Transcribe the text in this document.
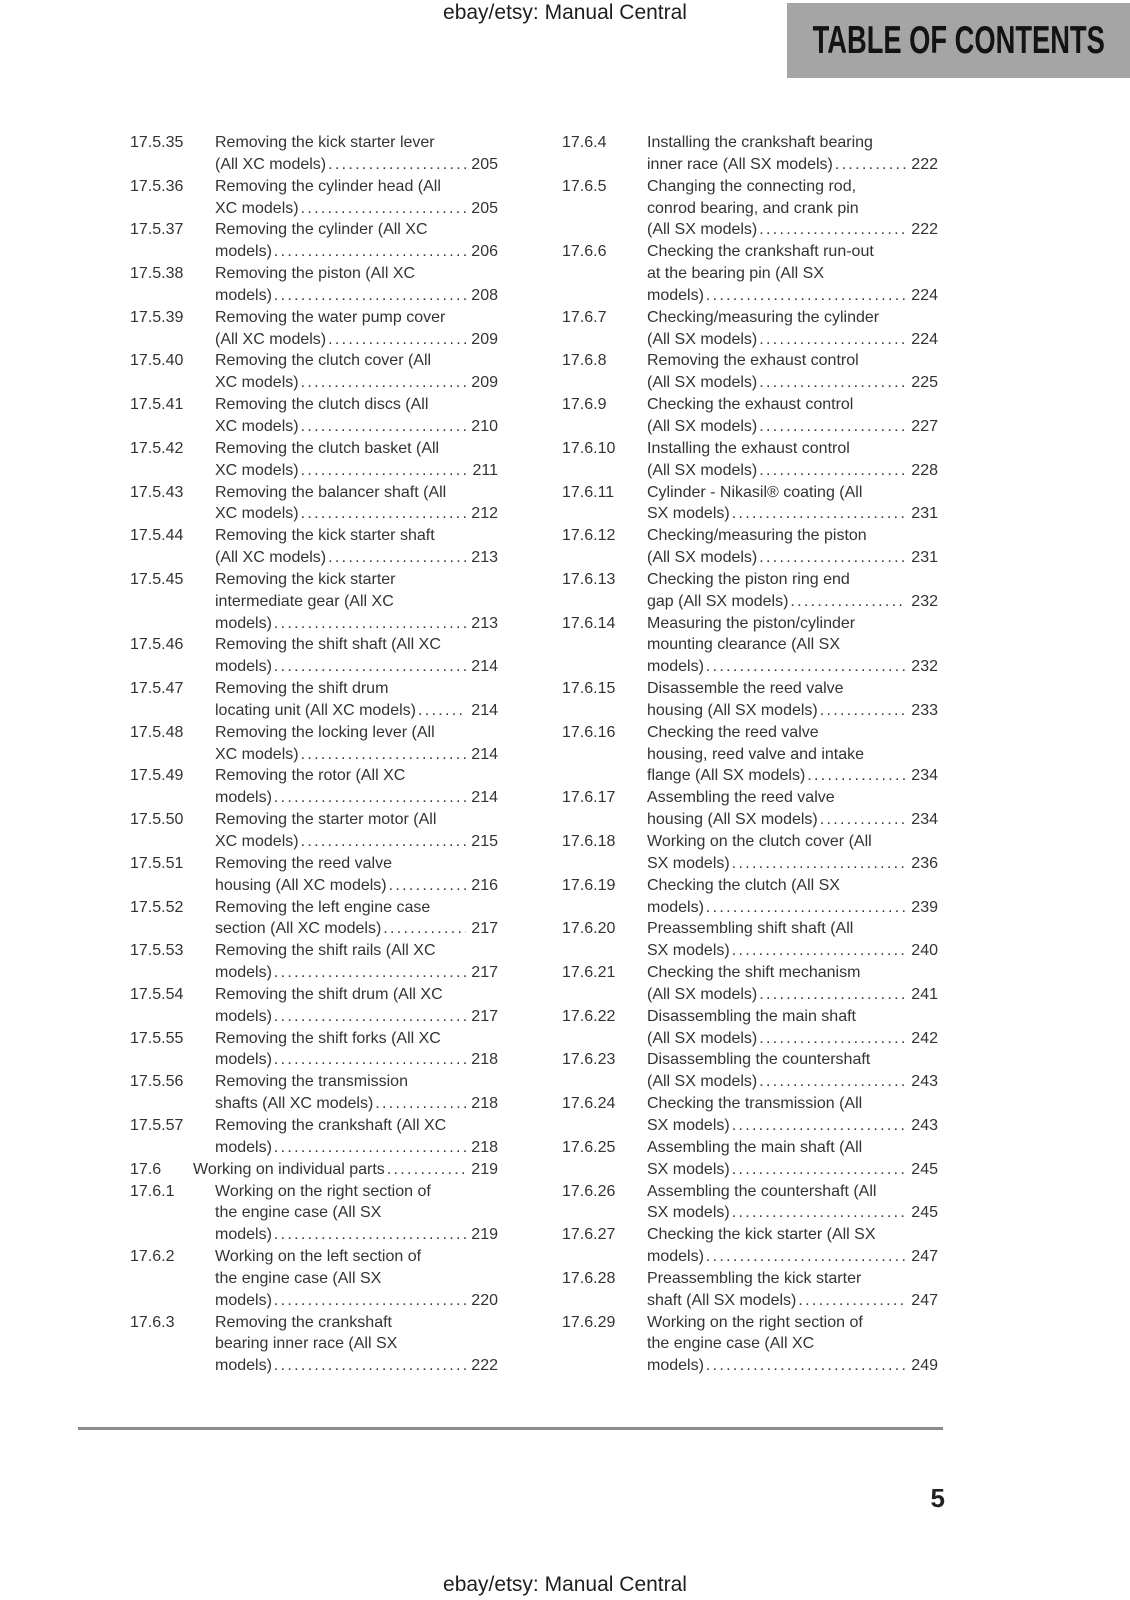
ebay/etsy: Manual Central
TABLE OF CONTENTS
17.5.35	Removing the kick starter lever
(All XC models) .....	205
17.5.36	Removing the cylinder head (All
XC models) .....	205
17.5.37	Removing the cylinder (All XC
models) .....	206
17.5.38	Removing the piston (All XC
models) .....	208
17.5.39	Removing the water pump cover
(All XC models) .....	209
17.5.40	Removing the clutch cover (All
XC models) .....	209
17.5.41	Removing the clutch discs (All
XC models) .....	210
17.5.42	Removing the clutch basket (All
XC models) .....	211
17.5.43	Removing the balancer shaft (All
XC models) .....	212
17.5.44	Removing the kick starter shaft
(All XC models) .....	213
17.5.45	Removing the kick starter
intermediate gear (All XC
models) .....	213
17.5.46	Removing the shift shaft (All XC
models) .....	214
17.5.47	Removing the shift drum
locating unit (All XC models) .....	214
17.5.48	Removing the locking lever (All
XC models) .....	214
17.5.49	Removing the rotor (All XC
models) .....	214
17.5.50	Removing the starter motor (All
XC models) .....	215
17.5.51	Removing the reed valve
housing (All XC models) .....	216
17.5.52	Removing the left engine case
section (All XC models) .....	217
17.5.53	Removing the shift rails (All XC
models) .....	217
17.5.54	Removing the shift drum (All XC
models) .....	217
17.5.55	Removing the shift forks (All XC
models) .....	218
17.5.56	Removing the transmission
shafts (All XC models) .....	218
17.5.57	Removing the crankshaft (All XC
models) .....	218
17.6	Working on individual parts .....	219
17.6.1	Working on the right section of
the engine case (All SX
models) .....	219
17.6.2	Working on the left section of
the engine case (All SX
models) .....	220
17.6.3	Removing the crankshaft
bearing inner race (All SX
models) .....	222
17.6.4	Installing the crankshaft bearing
inner race (All SX models) .....	222
17.6.5	Changing the connecting rod,
conrod bearing, and crank pin
(All SX models) .....	222
17.6.6	Checking the crankshaft run-out
at the bearing pin (All SX
models) .....	224
17.6.7	Checking/measuring the cylinder
(All SX models) .....	224
17.6.8	Removing the exhaust control
(All SX models) .....	225
17.6.9	Checking the exhaust control
(All SX models) .....	227
17.6.10	Installing the exhaust control
(All SX models) .....	228
17.6.11	Cylinder - Nikasil® coating (All
SX models) .....	231
17.6.12	Checking/measuring the piston
(All SX models) .....	231
17.6.13	Checking the piston ring end
gap (All SX models) .....	232
17.6.14	Measuring the piston/cylinder
mounting clearance (All SX
models) .....	232
17.6.15	Disassemble the reed valve
housing (All SX models) .....	233
17.6.16	Checking the reed valve
housing, reed valve and intake
flange (All SX models) .....	234
17.6.17	Assembling the reed valve
housing (All SX models) .....	234
17.6.18	Working on the clutch cover (All
SX models) .....	236
17.6.19	Checking the clutch (All SX
models) .....	239
17.6.20	Preassembling shift shaft (All
SX models) .....	240
17.6.21	Checking the shift mechanism
(All SX models) .....	241
17.6.22	Disassembling the main shaft
(All SX models) .....	242
17.6.23	Disassembling the countershaft
(All SX models) .....	243
17.6.24	Checking the transmission (All
SX models) .....	243
17.6.25	Assembling the main shaft (All
SX models) .....	245
17.6.26	Assembling the countershaft (All
SX models) .....	245
17.6.27	Checking the kick starter (All SX
models) .....	247
17.6.28	Preassembling the kick starter
shaft (All SX models) .....	247
17.6.29	Working on the right section of
the engine case (All XC
models) .....	249
5
ebay/etsy: Manual Central
